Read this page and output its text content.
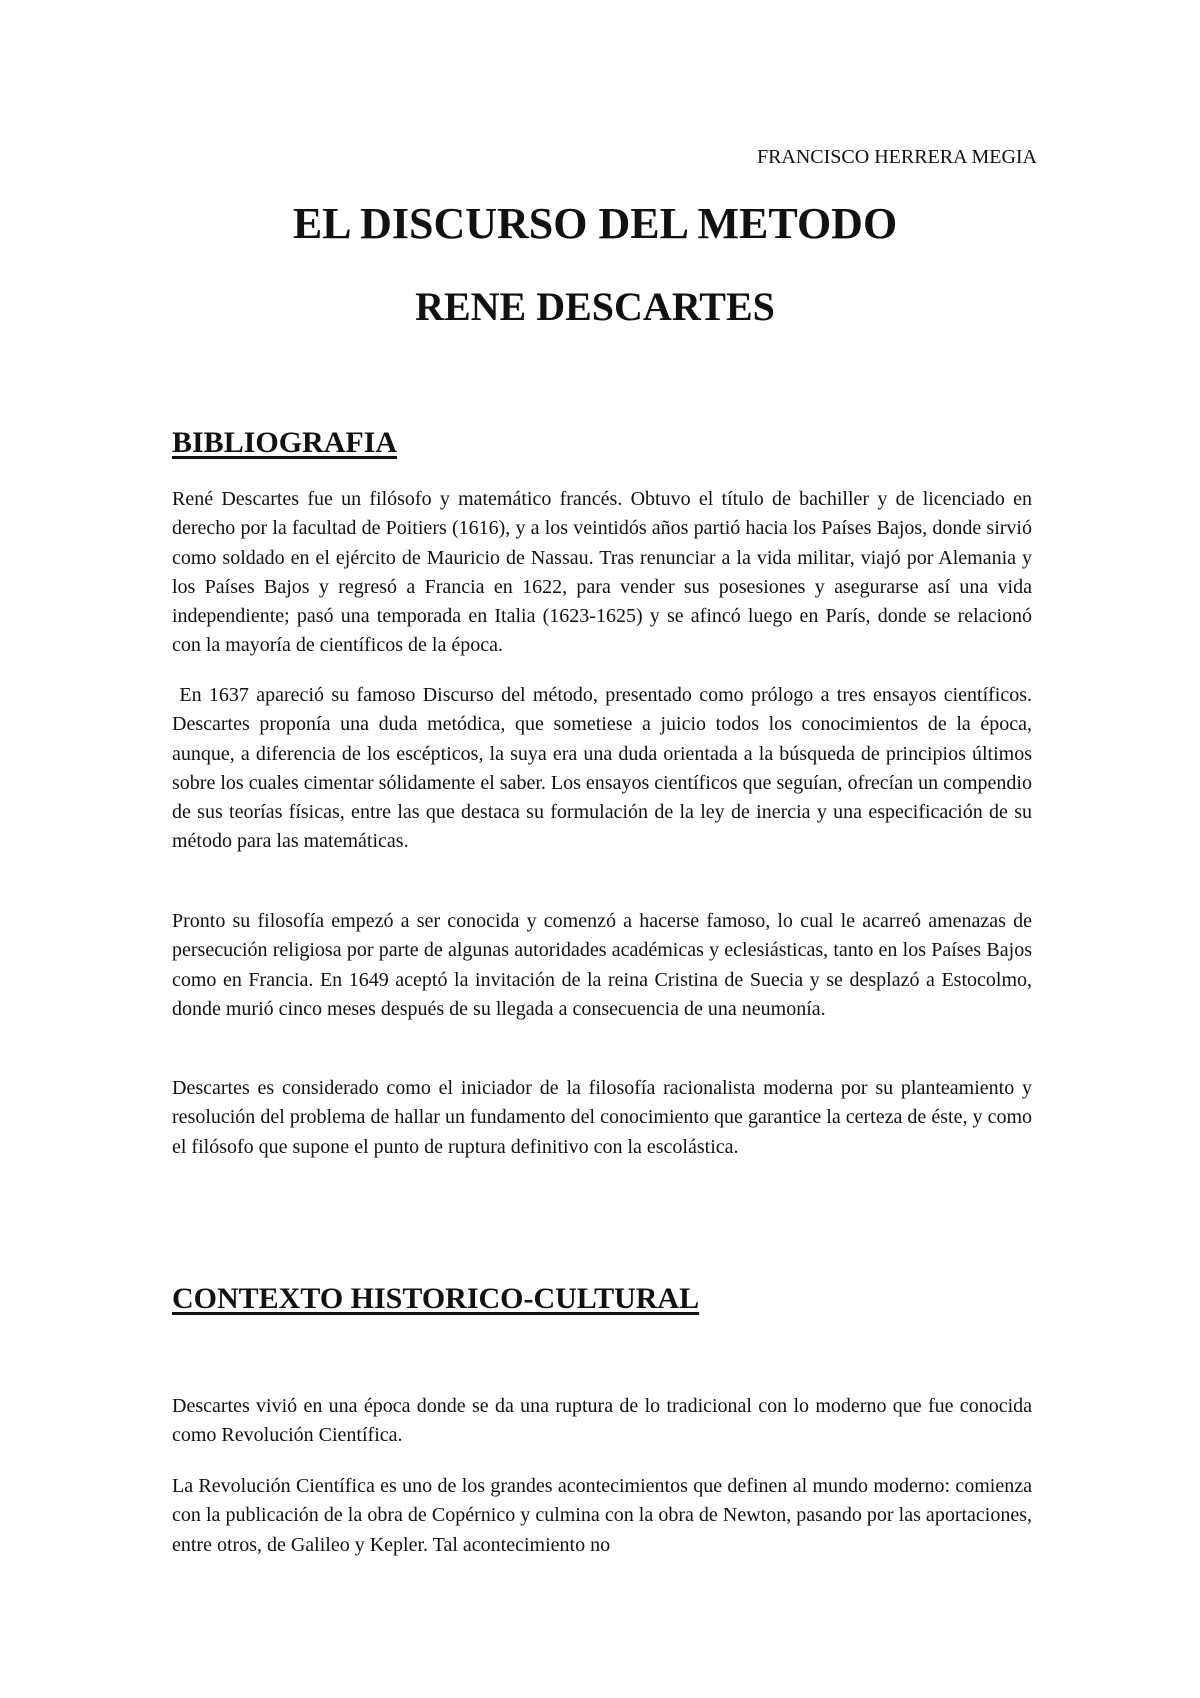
FRANCISCO HERRERA MEGIA

EL DISCURSO DEL METODO
RENE DESCARTES
BIBLIOGRAFIA

René Descartes fue un filósofo y matemático francés. Obtuvo el título de bachiller y de licenciado en derecho por la facultad de Poitiers (1616), y a los veintidós años partió hacia los Países Bajos, donde sirvió como soldado en el ejército de Mauricio de Nassau. Tras renunciar a la vida militar, viajó por Alemania y los Países Bajos y regresó a Francia en 1622, para vender sus posesiones y asegurarse así una vida independiente; pasó una temporada en Italia (1623-1625) y se afincó luego en París, donde se relacionó con la mayoría de científicos de la época.

En 1637 apareció su famoso Discurso del método, presentado como prólogo a tres ensayos científicos. Descartes proponía una duda metódica, que sometiese a juicio todos los conocimientos de la época, aunque, a diferencia de los escépticos, la suya era una duda orientada a la búsqueda de principios últimos sobre los cuales cimentar sólidamente el saber. Los ensayos científicos que seguían, ofrecían un compendio de sus teorías físicas, entre las que destaca su formulación de la ley de inercia y una especificación de su método para las matemáticas.

Pronto su filosofía empezó a ser conocida y comenzó a hacerse famoso, lo cual le acarreó amenazas de persecución religiosa por parte de algunas autoridades académicas y eclesiásticas, tanto en los Países Bajos como en Francia. En 1649 aceptó la invitación de la reina Cristina de Suecia y se desplazó a Estocolmo, donde murió cinco meses después de su llegada a consecuencia de una neumonía.

Descartes es considerado como el iniciador de la filosofía racionalista moderna por su planteamiento y resolución del problema de hallar un fundamento del conocimiento que garantice la certeza de éste, y como el filósofo que supone el punto de ruptura definitivo con la escolástica.

CONTEXTO HISTORICO-CULTURAL

Descartes vivió en una época donde se da una ruptura de lo tradicional con lo moderno que fue conocida como Revolución Científica.

La Revolución Científica es uno de los grandes acontecimientos que definen al mundo moderno: comienza con la publicación de la obra de Copérnico y culmina con la obra de Newton, pasando por las aportaciones, entre otros, de Galileo y Kepler. Tal acontecimiento no
